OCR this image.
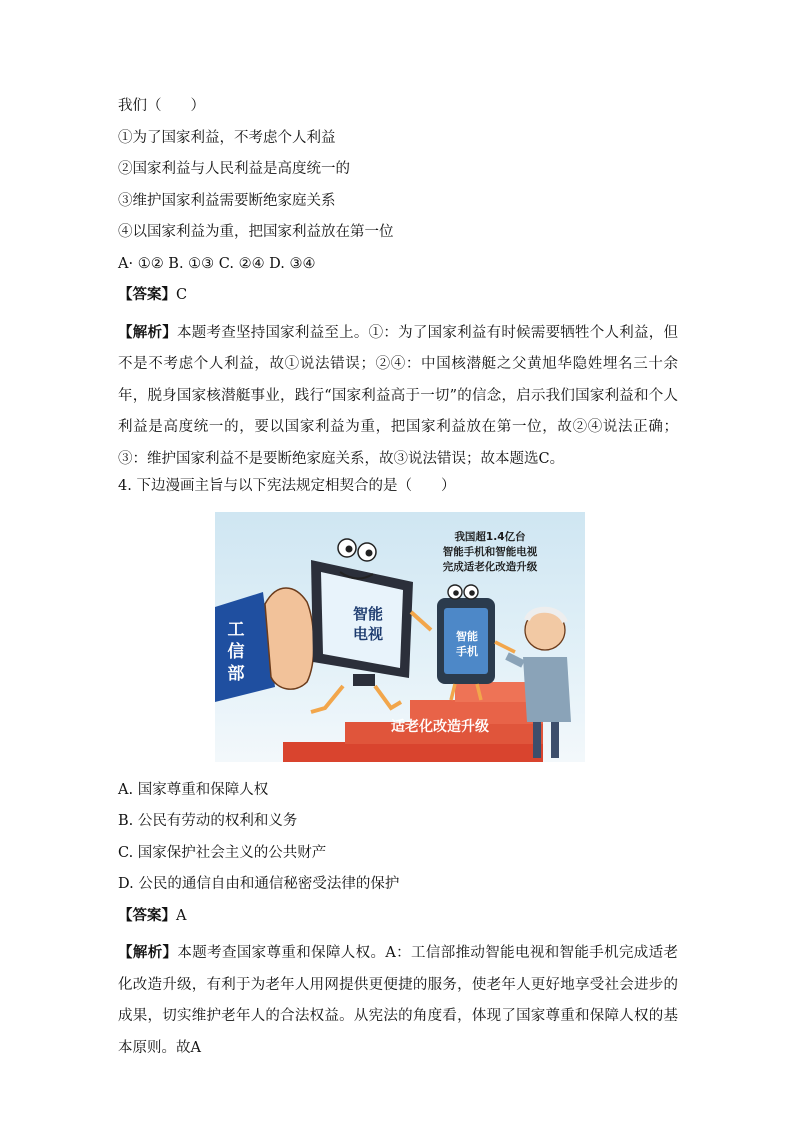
我们（　　）
①为了国家利益，不考虑个人利益
②国家利益与人民利益是高度统一的
③维护国家利益需要断绝家庭关系
④以国家利益为重，把国家利益放在第一位
A· ①② B. ①③ C. ②④ D. ③④
【答案】C
【解析】本题考查坚持国家利益至上。①：为了国家利益有时候需要牺牲个人利益，但不是不考虑个人利益，故①说法错误；②④：中国核潜艇之父黄旭华隐姓埋名三十余年，脱身国家核潜艇事业，践行“国家利益高于一切”的信念，启示我们国家利益和个人利益是高度统一的，要以国家利益为重，把国家利益放在第一位，故②④说法正确；③：维护国家利益不是要断绝家庭关系，故③说法错误；故本题选C。
4. 下边漫画主旨与以下宪法规定相契合的是（　　）
我国超1.4亿台
智能手机和智能电视
完成适老化改造升级
智能
电视	智能
手机
工
信
部
适老化改造升级
A. 国家尊重和保障人权
B. 公民有劳动的权利和义务
C. 国家保护社会主义的公共财产
D. 公民的通信自由和通信秘密受法律的保护
【答案】A
【解析】本题考查国家尊重和保障人权。A：工信部推动智能电视和智能手机完成适老化改造升级，有利于为老年人用网提供更便捷的服务，使老年人更好地享受社会进步的成果，切实维护老年人的合法权益。从宪法的角度看，体现了国家尊重和保障人权的基本原则。故A
